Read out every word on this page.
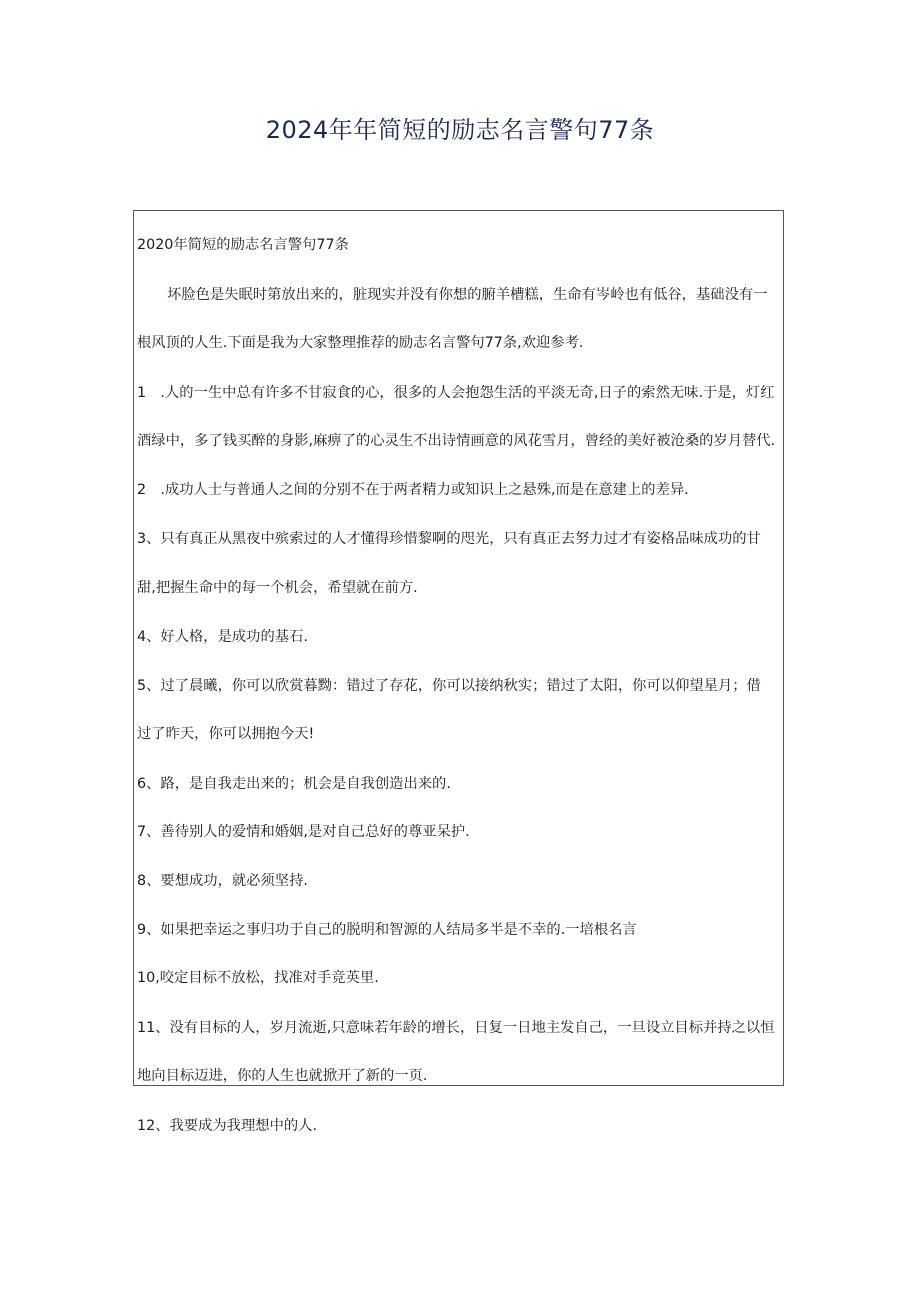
2024年年简短的励志名言警句77条
2020年简短的励志名言警句77条
坏脸色是失眠时第放出来的，脏现实并没有你想的腑羊槽糕，生命有岑岭也有低谷，基础没有一
根风顶的人生.下面是我为大家整理推荐的励志名言警句77条,欢迎参考.
1　.人的一生中总有许多不甘寂食的心，很多的人会抱怨生活的平淡无奇,日子的索然无味.于是，灯红
酒绿中，多了钱买醉的身影,麻痹了的心灵生不出诗情画意的风花雪月，曾经的美好被沧桑的岁月替代.
2　.成功人士与普通人之间的分别不在于两者精力或知识上之悬殊,而是在意建上的差异.
3、只有真正从黑夜中殡索过的人才懂得珍惜黎啊的咫光，只有真正去努力过才有姿格品味成功的甘
甜,把握生命中的每一个机会，希望就在前方.
4、好人格，是成功的基石.
5、过了晨曦，你可以欣赏暮黝：错过了存花，你可以接纳秋实；错过了太阳，你可以仰望星月；借
过了昨天，你可以拥抱今天!
6、路，是自我走出来的；机会是自我创造出来的.
7、善待别人的爱情和婚姻,是对自己总好的尊亚呆护.
8、要想成功，就必须坚持.
9、如果把幸运之事归功于自己的脱明和智源的人结局多半是不幸的.一培根名言
10,咬定目标不放松，找准对手竞英里.
11、没有目标的人，岁月流逝,只意味若年龄的增长，日复一日地主发自己，一旦设立目标并持之以恒
地向目标迈进，你的人生也就掀开了新的一页.
12、我要成为我理想中的人.
